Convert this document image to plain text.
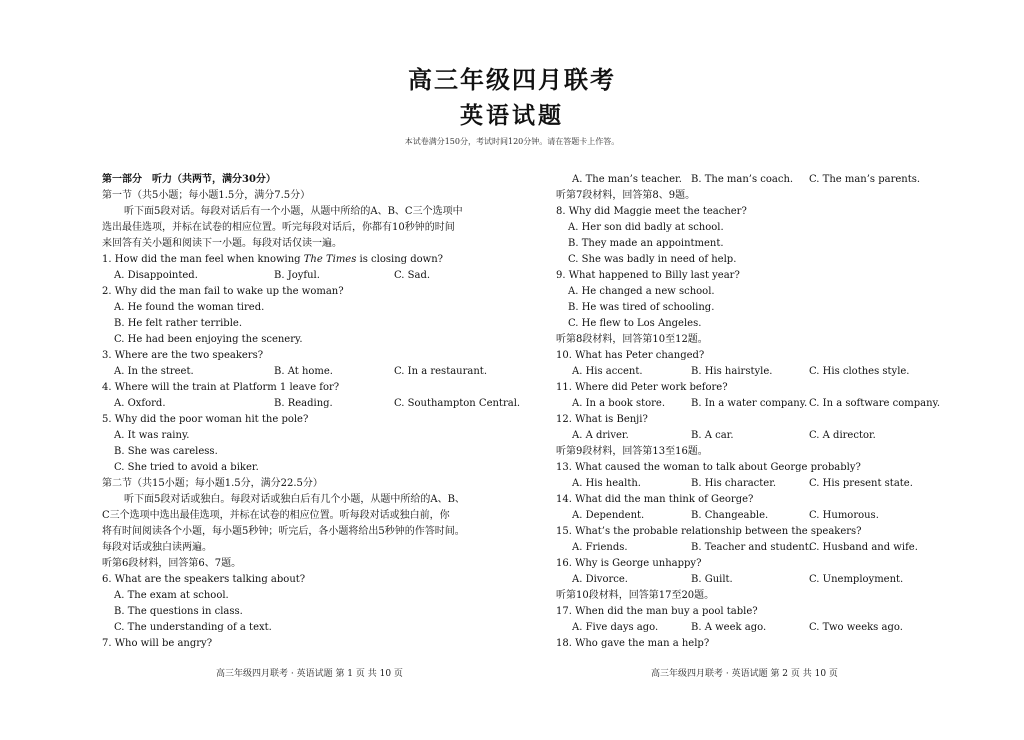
高三年级四月联考
英语试题
本试卷满分150分，考试时间120分钟。请在答题卡上作答。
第一部分　听力（共两节，满分30分）
第一节（共5小题；每小题1.5分，满分7.5分）
听下面5段对话。每段对话后有一个小题，从题中所给的A、B、C三个选项中
选出最佳选项，并标在试卷的相应位置。听完每段对话后，你都有10秒钟的时间
来回答有关小题和阅读下一小题。每段对话仅读一遍。
1. How did the man feel when knowing The Times is closing down?
A. Disappointed.	B. Joyful.	C. Sad.
2. Why did the man fail to wake up the woman?
A. He found the woman tired.
B. He felt rather terrible.
C. He had been enjoying the scenery.
3. Where are the two speakers?
A. In the street.	B. At home.	C. In a restaurant.
4. Where will the train at Platform 1 leave for?
A. Oxford.	B. Reading.	C. Southampton Central.
5. Why did the poor woman hit the pole?
A. It was rainy.
B. She was careless.
C. She tried to avoid a biker.
第二节（共15小题；每小题1.5分，满分22.5分）
听下面5段对话或独白。每段对话或独白后有几个小题，从题中所给的A、B、
C三个选项中选出最佳选项，并标在试卷的相应位置。听每段对话或独白前，你
将有时间阅读各个小题，每小题5秒钟；听完后，各小题将给出5秒钟的作答时间。
每段对话或独白读两遍。
听第6段材料，回答第6、7题。
6. What are the speakers talking about?
A. The exam at school.
B. The questions in class.
C. The understanding of a text.
7. Who will be angry?
A. The man’s teacher. B. The man’s coach. C. The man’s parents.
听第7段材料，回答第8、9题。
8. Why did Maggie meet the teacher?
A. Her son did badly at school.
B. They made an appointment.
C. She was badly in need of help.
9. What happened to Billy last year?
A. He changed a new school.
B. He was tired of schooling.
C. He flew to Los Angeles.
听第8段材料，回答第10至12题。
10. What has Peter changed?
A. His accent.	B. His hairstyle.	C. His clothes style.
11. Where did Peter work before?
A. In a book store.	B. In a water company. C. In a software company.
12. What is Benji?
A. A driver.	B. A car.	C. A director.
听第9段材料，回答第13至16题。
13. What caused the woman to talk about George probably?
A. His health.	B. His character.	C. His present state.
14. What did the man think of George?
A. Dependent.	B. Changeable.	C. Humorous.
15. What’s the probable relationship between the speakers?
A. Friends.	B. Teacher and student.
C. Husband and wife.
16. Why is George unhappy?
A. Divorce.	B. Guilt.	C. Unemployment.
听第10段材料，回答第17至20题。
17. When did the man buy a pool table?
A. Five days ago.	B. A week ago.	C. Two weeks ago.
18. Who gave the man a help?
高三年级四月联考 · 英语试题 第 1 页 共 10 页	高三年级四月联考 · 英语试题 第 2 页 共 10 页
